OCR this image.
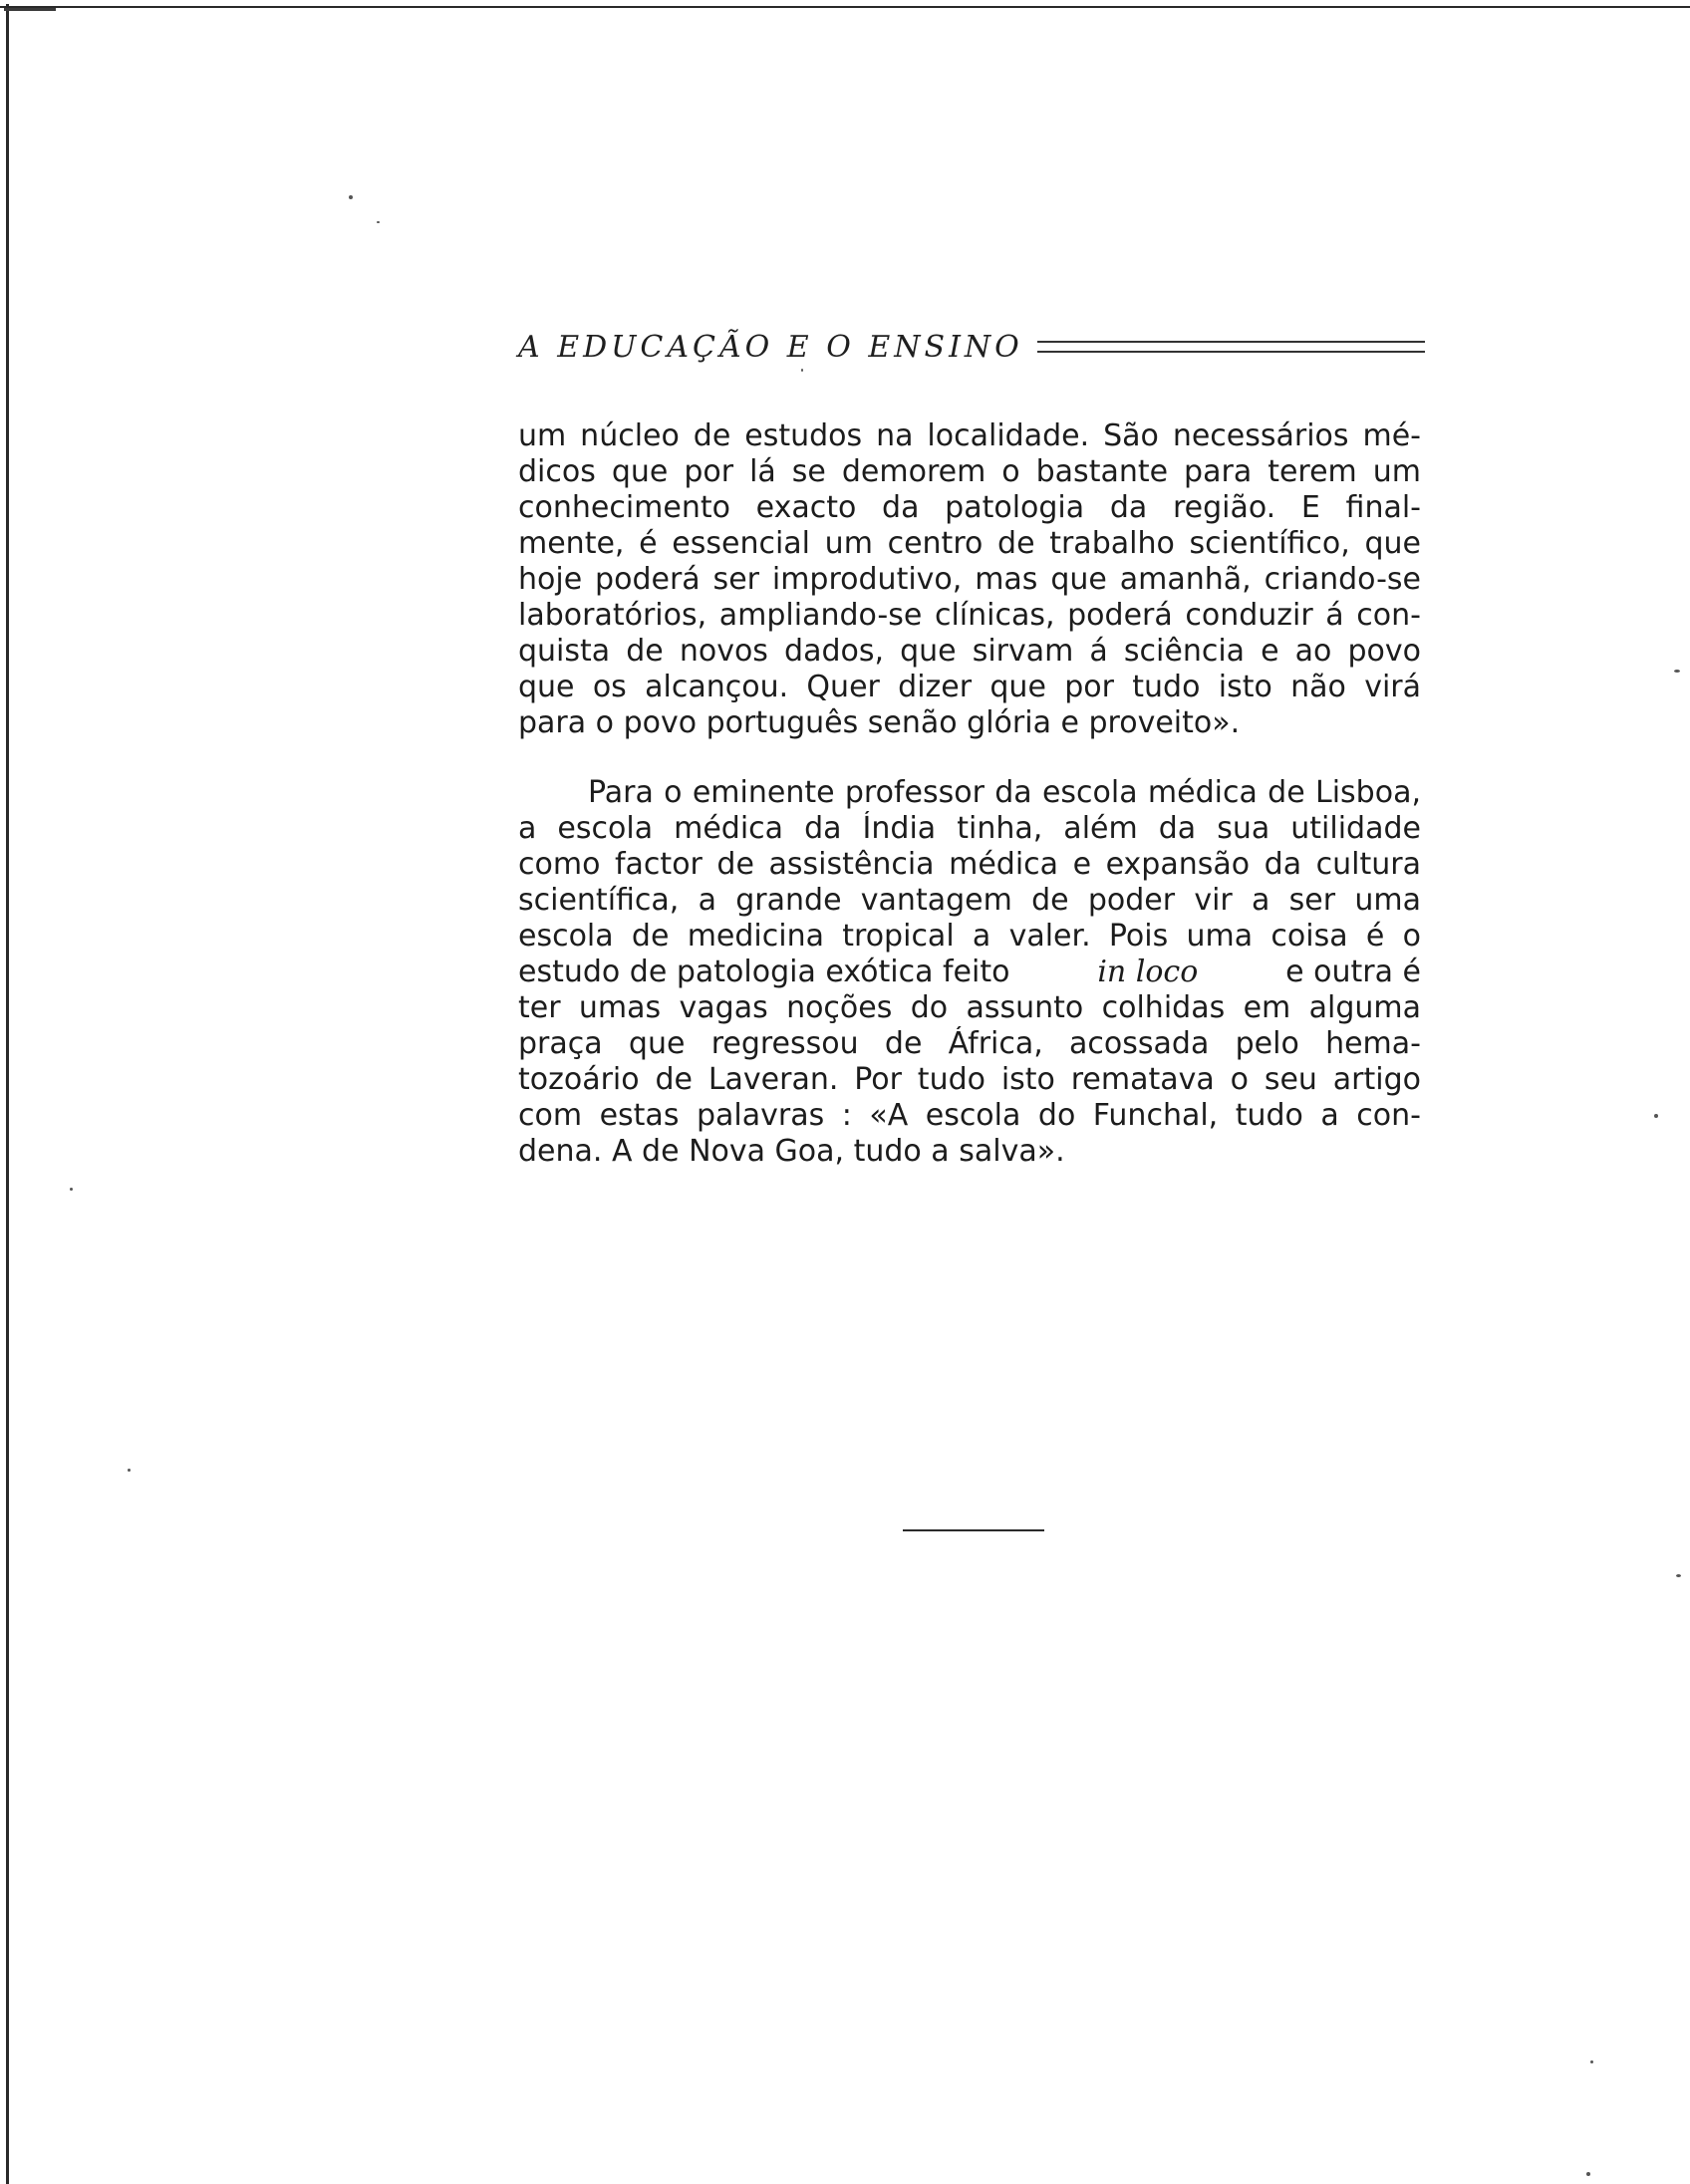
A EDUCAÇÃO E O ENSINO
um núcleo de estudos na localidade. São necessários mé-
dicos que por lá se demorem o bastante para terem um
conhecimento exacto da patologia da região. E final-
mente, é essencial um centro de trabalho scientífico, que
hoje poderá ser improdutivo, mas que amanhã, criando-se
laboratórios, ampliando-se clínicas, poderá conduzir á con-
quista de novos dados, que sirvam á sciência e ao povo
que os alcançou. Quer dizer que por tudo isto não virá
para o povo português senão glória e proveito».
Para o eminente professor da escola médica de Lisboa,
a escola médica da Índia tinha, além da sua utilidade
como factor de assistência médica e expansão da cultura
scientífica, a grande vantagem de poder vir a ser uma
escola de medicina tropical a valer. Pois uma coisa é o
estudo de patologia exótica feito	in loco	e outra é
ter umas vagas noções do assunto colhidas em alguma
praça que regressou de África, acossada pelo hema-
tozoário de Laveran. Por tudo isto rematava o seu artigo
com estas palavras : «A escola do Funchal, tudo a con-
dena. A de Nova Goa, tudo a salva».
